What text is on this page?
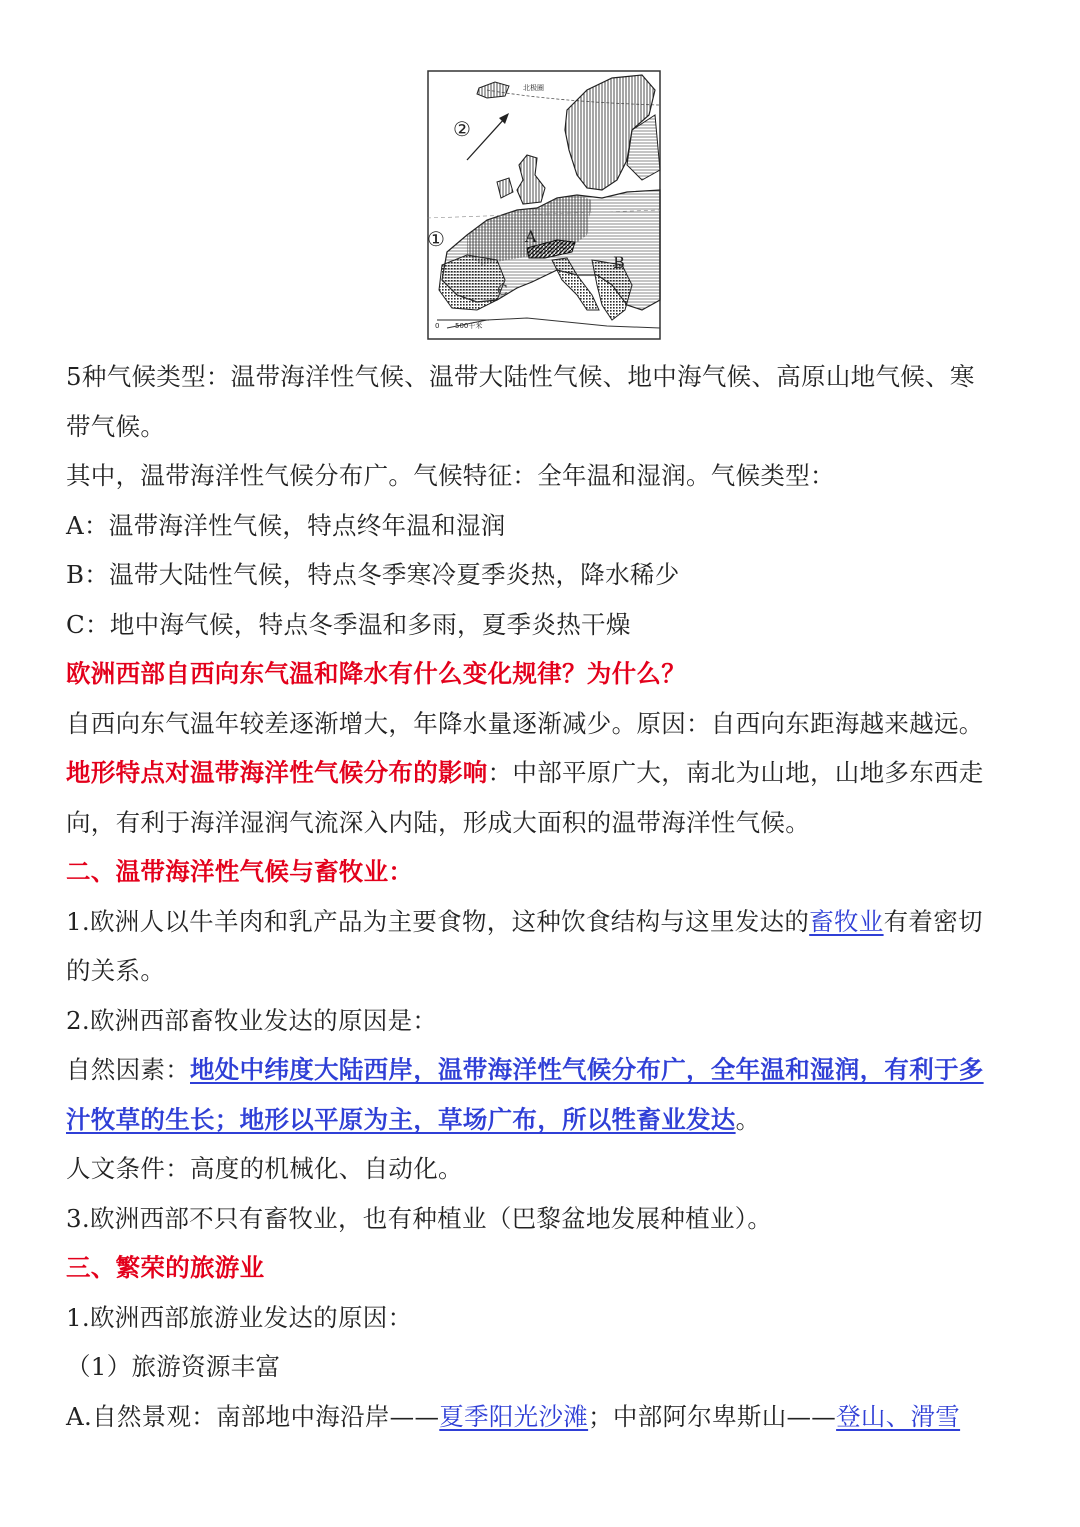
北极圈
②
①	A
B
C
0 500千米
5种气候类型：温带海洋性气候、温带大陆性气候、地中海气候、高原山地气候、寒
带气候。
其中，温带海洋性气候分布广。气候特征：全年温和湿润。气候类型：
A：温带海洋性气候，特点终年温和湿润
B：温带大陆性气候，特点冬季寒冷夏季炎热，降水稀少
C：地中海气候，特点冬季温和多雨，夏季炎热干燥
欧洲西部自西向东气温和降水有什么变化规律？为什么？
自西向东气温年较差逐渐增大，年降水量逐渐减少。原因：自西向东距海越来越远。
地形特点对温带海洋性气候分布的影响：中部平原广大，南北为山地，山地多东西走
向，有利于海洋湿润气流深入内陆，形成大面积的温带海洋性气候。
二、温带海洋性气候与畜牧业：
1.欧洲人以牛羊肉和乳产品为主要食物，这种饮食结构与这里发达的畜牧业有着密切
的关系。
2.欧洲西部畜牧业发达的原因是：
自然因素：地处中纬度大陆西岸，温带海洋性气候分布广，全年温和湿润，有利于多
汁牧草的生长；地形以平原为主，草场广布，所以牲畜业发达。
人文条件：高度的机械化、自动化。
3.欧洲西部不只有畜牧业，也有种植业（巴黎盆地发展种植业）。
三、繁荣的旅游业
1.欧洲西部旅游业发达的原因：
（1）旅游资源丰富
A.自然景观：南部地中海沿岸——夏季阳光沙滩；中部阿尔卑斯山——登山、滑雪
